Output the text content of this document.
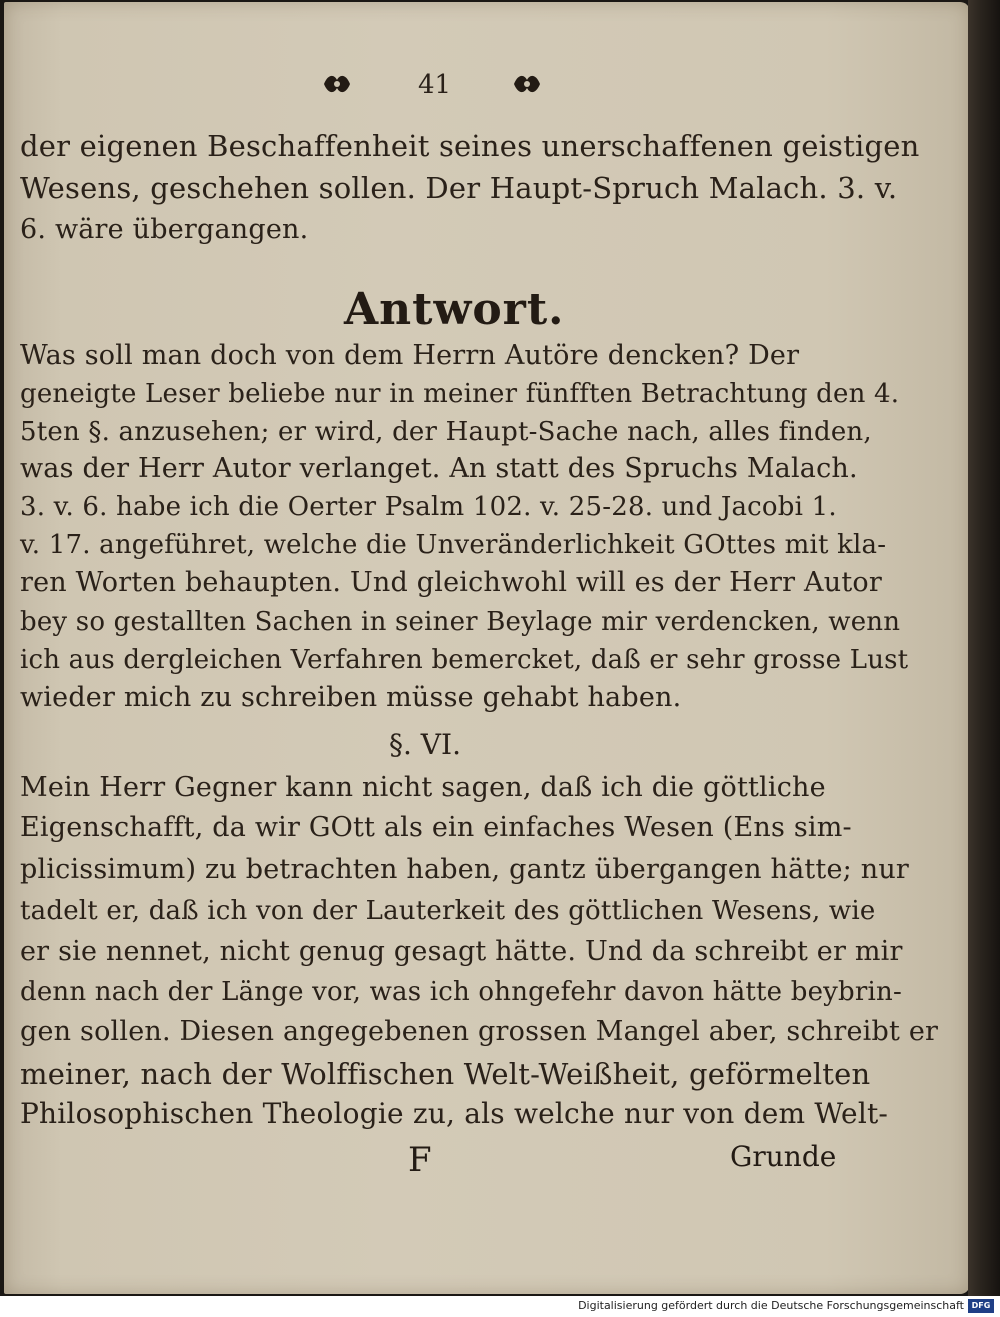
41
der eigenen Beschaffenheit seines unerschaffenen geistigen
Wesens, geschehen sollen. Der Haupt-Spruch Malach. 3. v.
6. wäre übergangen.
Antwort.
Was soll man doch von dem Herrn Autöre dencken? Der
geneigte Leser beliebe nur in meiner fünfften Betrachtung den 4.
5ten §. anzusehen; er wird, der Haupt-Sache nach, alles finden,
was der Herr Autor verlanget. An statt des Spruchs Malach.
3. v. 6. habe ich die Oerter Psalm 102. v. 25-28. und Jacobi 1.
v. 17. angeführet, welche die Unveränderlichkeit GOttes mit kla-
ren Worten behaupten. Und gleichwohl will es der Herr Autor
bey so gestallten Sachen in seiner Beylage mir verdencken, wenn
ich aus dergleichen Verfahren bemercket, daß er sehr grosse Lust
wieder mich zu schreiben müsse gehabt haben.
§. VI.
Mein Herr Gegner kann nicht sagen, daß ich die göttliche
Eigenschafft, da wir GOtt als ein einfaches Wesen (Ens sim-
plicissimum) zu betrachten haben, gantz übergangen hätte; nur
tadelt er, daß ich von der Lauterkeit des göttlichen Wesens, wie
er sie nennet, nicht genug gesagt hätte. Und da schreibt er mir
denn nach der Länge vor, was ich ohngefehr davon hätte beybrin-
gen sollen. Diesen angegebenen grossen Mangel aber, schreibt er
meiner, nach der Wolffischen Welt-Weißheit, geförmelten
Philosophischen Theologie zu, als welche nur von dem Welt-
F	Grunde
Digitalisierung gefördert durch die Deutsche Forschungsgemeinschaft DFG
